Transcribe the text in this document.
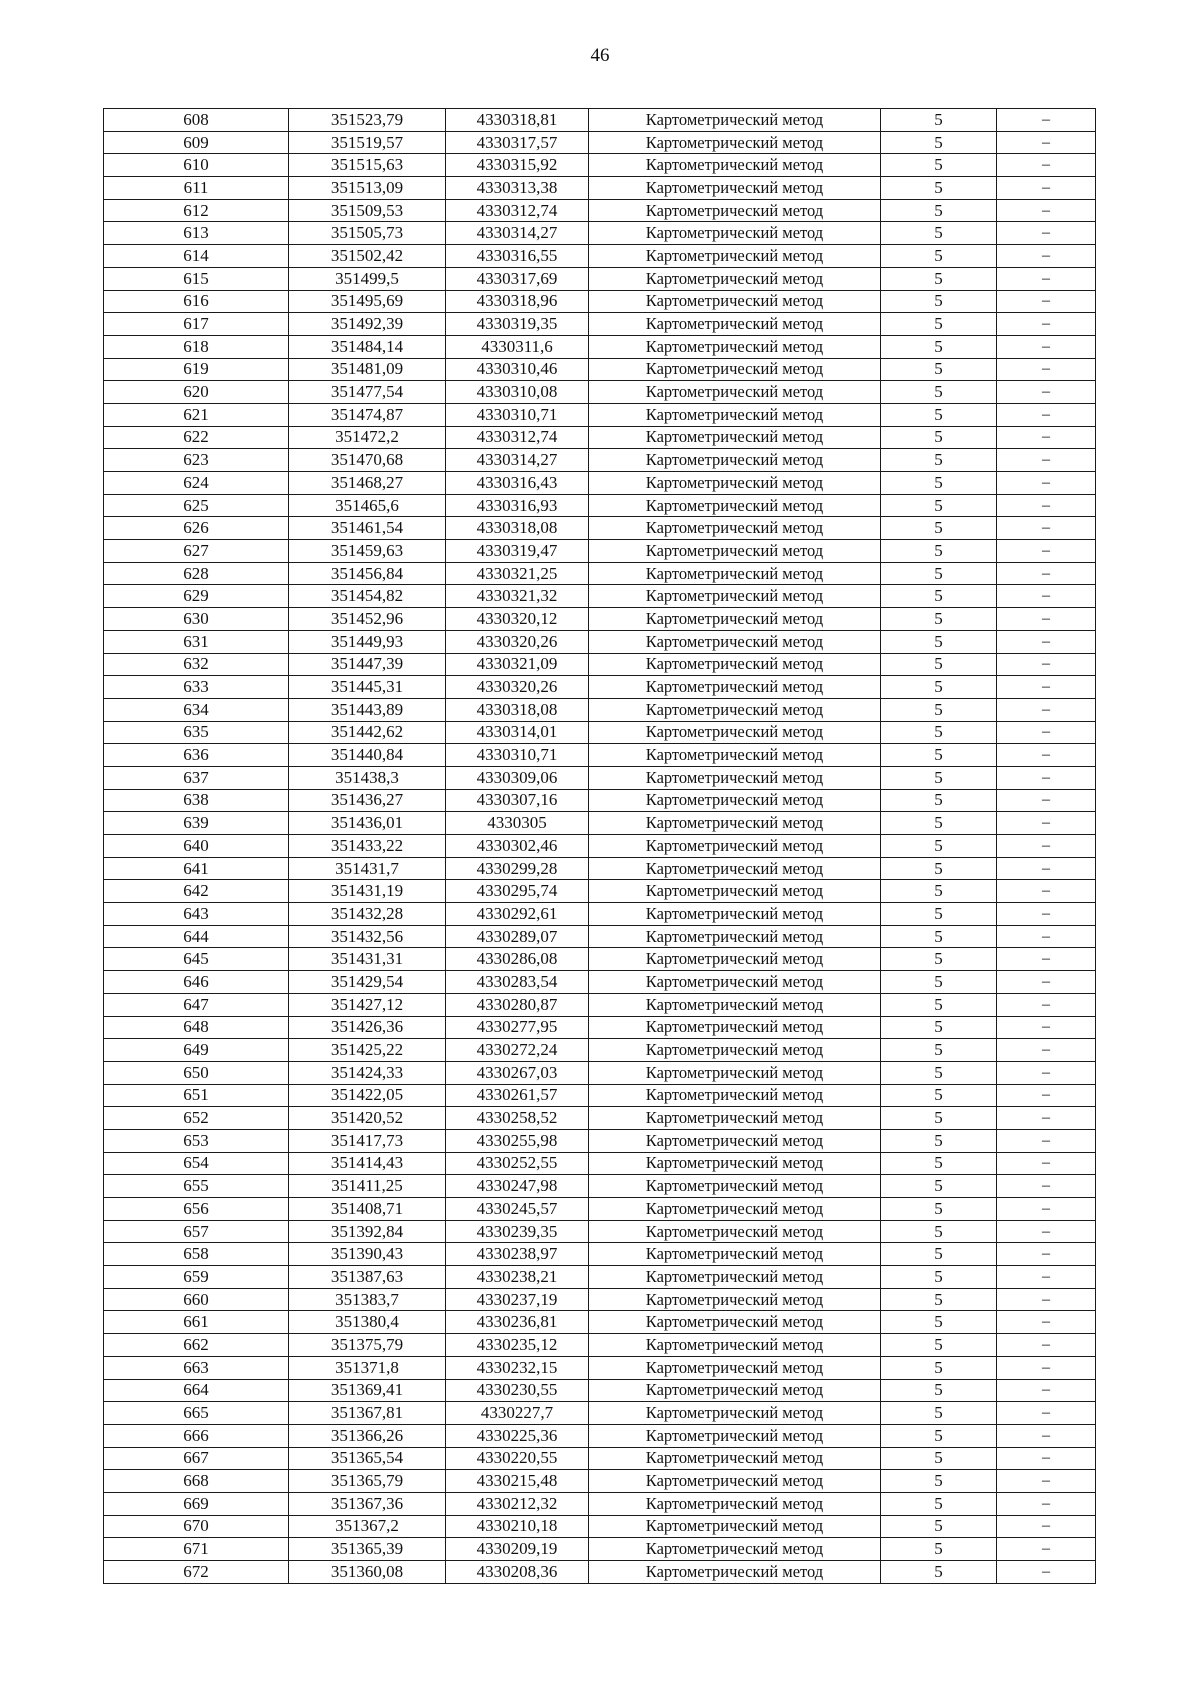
46
608	351523,79	4330318,81	Картометрический метод	5	–
609	351519,57	4330317,57	Картометрический метод	5	–
610	351515,63	4330315,92	Картометрический метод	5	–
611	351513,09	4330313,38	Картометрический метод	5	–
612	351509,53	4330312,74	Картометрический метод	5	–
613	351505,73	4330314,27	Картометрический метод	5	–
614	351502,42	4330316,55	Картометрический метод	5	–
615	351499,5	4330317,69	Картометрический метод	5	–
616	351495,69	4330318,96	Картометрический метод	5	–
617	351492,39	4330319,35	Картометрический метод	5	–
618	351484,14	4330311,6	Картометрический метод	5	–
619	351481,09	4330310,46	Картометрический метод	5	–
620	351477,54	4330310,08	Картометрический метод	5	–
621	351474,87	4330310,71	Картометрический метод	5	–
622	351472,2	4330312,74	Картометрический метод	5	–
623	351470,68	4330314,27	Картометрический метод	5	–
624	351468,27	4330316,43	Картометрический метод	5	–
625	351465,6	4330316,93	Картометрический метод	5	–
626	351461,54	4330318,08	Картометрический метод	5	–
627	351459,63	4330319,47	Картометрический метод	5	–
628	351456,84	4330321,25	Картометрический метод	5	–
629	351454,82	4330321,32	Картометрический метод	5	–
630	351452,96	4330320,12	Картометрический метод	5	–
631	351449,93	4330320,26	Картометрический метод	5	–
632	351447,39	4330321,09	Картометрический метод	5	–
633	351445,31	4330320,26	Картометрический метод	5	–
634	351443,89	4330318,08	Картометрический метод	5	–
635	351442,62	4330314,01	Картометрический метод	5	–
636	351440,84	4330310,71	Картометрический метод	5	–
637	351438,3	4330309,06	Картометрический метод	5	–
638	351436,27	4330307,16	Картометрический метод	5	–
639	351436,01	4330305	Картометрический метод	5	–
640	351433,22	4330302,46	Картометрический метод	5	–
641	351431,7	4330299,28	Картометрический метод	5	–
642	351431,19	4330295,74	Картометрический метод	5	–
643	351432,28	4330292,61	Картометрический метод	5	–
644	351432,56	4330289,07	Картометрический метод	5	–
645	351431,31	4330286,08	Картометрический метод	5	–
646	351429,54	4330283,54	Картометрический метод	5	–
647	351427,12	4330280,87	Картометрический метод	5	–
648	351426,36	4330277,95	Картометрический метод	5	–
649	351425,22	4330272,24	Картометрический метод	5	–
650	351424,33	4330267,03	Картометрический метод	5	–
651	351422,05	4330261,57	Картометрический метод	5	–
652	351420,52	4330258,52	Картометрический метод	5	–
653	351417,73	4330255,98	Картометрический метод	5	–
654	351414,43	4330252,55	Картометрический метод	5	–
655	351411,25	4330247,98	Картометрический метод	5	–
656	351408,71	4330245,57	Картометрический метод	5	–
657	351392,84	4330239,35	Картометрический метод	5	–
658	351390,43	4330238,97	Картометрический метод	5	–
659	351387,63	4330238,21	Картометрический метод	5	–
660	351383,7	4330237,19	Картометрический метод	5	–
661	351380,4	4330236,81	Картометрический метод	5	–
662	351375,79	4330235,12	Картометрический метод	5	–
663	351371,8	4330232,15	Картометрический метод	5	–
664	351369,41	4330230,55	Картометрический метод	5	–
665	351367,81	4330227,7	Картометрический метод	5	–
666	351366,26	4330225,36	Картометрический метод	5	–
667	351365,54	4330220,55	Картометрический метод	5	–
668	351365,79	4330215,48	Картометрический метод	5	–
669	351367,36	4330212,32	Картометрический метод	5	–
670	351367,2	4330210,18	Картометрический метод	5	–
671	351365,39	4330209,19	Картометрический метод	5	–
672	351360,08	4330208,36	Картометрический метод	5	–
